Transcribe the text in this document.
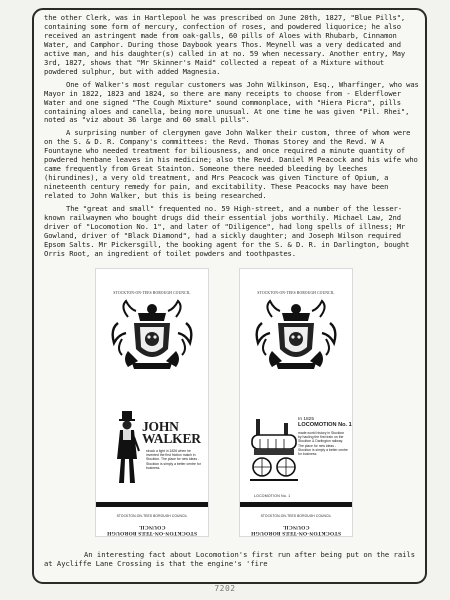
the other Clerk, was in Hartlepool he was prescribed on June 20th, 1827, "Blue Pills", containing some form of mercury, confection of roses, and powdered liquorice; he also received an astringent made from oak-galls, 60 pills of Aloes with Rhubarb, Cinnamon Water, and Camphor. During those Daybook years Thos. Meynell was a very dedicated and active man, and his daughter(s) called in at no. 59 when necessary. Another entry, May 3rd, 1827, shows that "Mr Skinner's Maid" collected a repeat of a Mixture without powdered sulphur, but with added Magnesia.

One of Walker's most regular customers was John Wilkinson, Esq., Wharfinger, who was Mayor in 1822, 1823 and 1824, so there are many receipts to choose from - Elderflower Water and one signed "The Cough Mixture" sound commonplace, with "Hiera Picra", pills containing aloes and canella, being more unusual. At one time he was given "Pil. Rhei", noted as "viz about 36 large and 60 small pills".

A surprising number of clergymen gave John Walker their custom, three of whom were on the S. & D. R. Company's committees: the Revd. Thomas Storey and the Revd. W A Fountayne who needed treatment for biliousness, and once required a minute quantity of powdered henbane leaves in his medicine; also the Revd. Daniel M Peacock and his wife who came frequently from Great Stainton. Someone there needed bleeding by leeches (hirundines), a very old treatment, and Mrs Peacock was given Tincture of Opium, a nineteenth century remedy for pain, and excitability. These Peacocks may have been related to John Walker, but this is being researched.

The "great and small" frequented no. 59 High-street, and a number of the lesser-known railwaymen who bought drugs did their essential jobs worthily. Michael Law, 2nd driver of "Locomotion No. 1", and later of "Diligence", had long spells of illness; Mr Gowland, driver of "Black Diamond", had a sickly daughter; and Joseph Wilson required Epsom Salts. Mr Pickersgill, the booking agent for the S. & D. R. in Darlington, bought Orris Root, an ingredient of toilet powders and toothpastes.

An interesting fact about Locomotion's first run after being put on the rails at Aycliffe Lane Crossing is that the engine's 'fire
STOCKTON-ON-TEES BOROUGH COUNCIL
JOHN
WALKER
struck a light in 1826 when he invented the first friction match in Stockton. The place for new ideas - Stockton is simply a better centre for business.
STOCKTON-ON-TEES BOROUGH COUNCIL
STOCKTON-ON-TEES BOROUGH COUNCIL
STOCKTON-ON-TEES BOROUGH COUNCIL
In 1825
LOCOMOTION No. 1
made world history in Stockton by hauling the first train on the Stockton & Darlington railway. The place for new ideas - Stockton is simply a better centre for business.
LOCOMOTION No. 1
STOCKTON-ON-TEES BOROUGH COUNCIL
STOCKTON-ON-TEES BOROUGH COUNCIL
7202
